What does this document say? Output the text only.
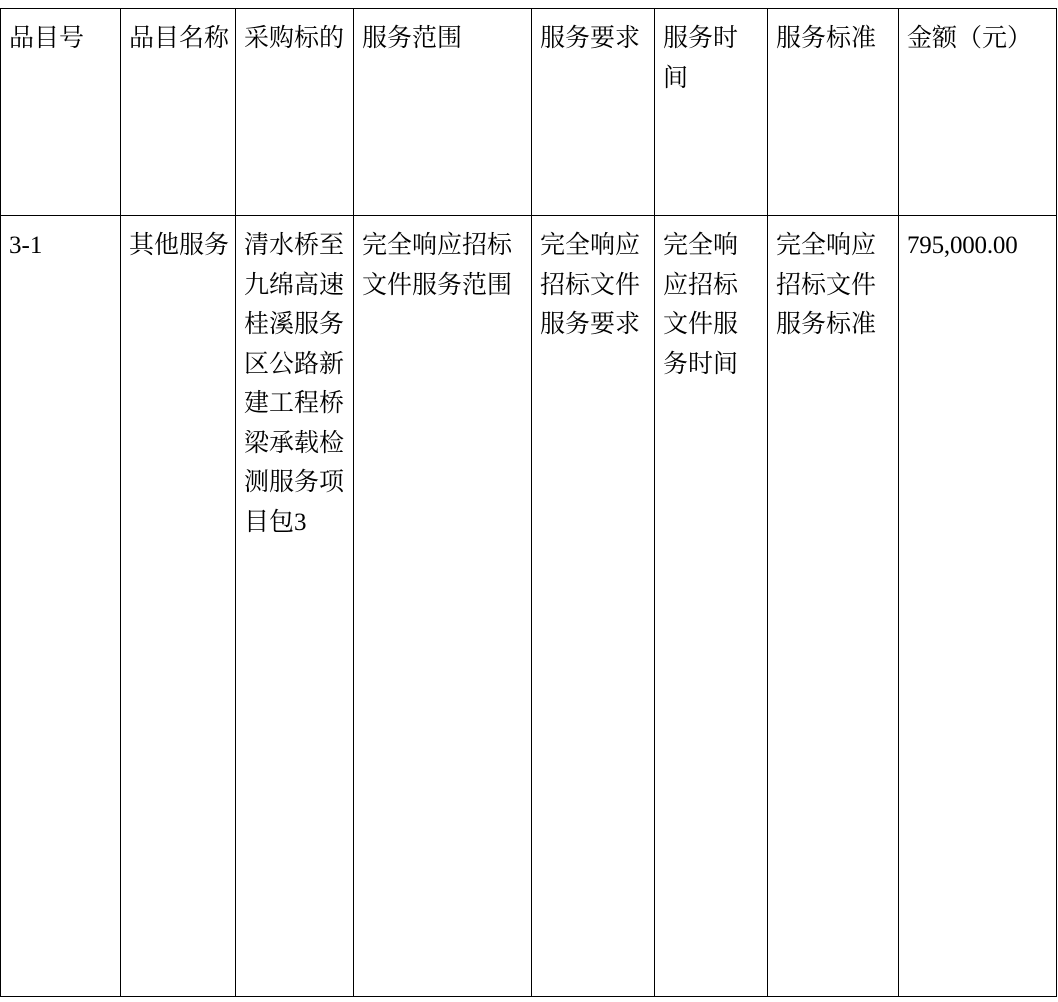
品目号	品目名称	采购标的	服务范围	服务要求	服务时间	服务标准	金额（元）

3-1	其他服务	清水桥至九绵高速桂溪服务区公路新建工程桥梁承载检测服务项目包3	完全响应招标文件服务范围	完全响应招标文件服务要求	完全响应招标文件服务时间	完全响应招标文件服务标准	795,000.00
